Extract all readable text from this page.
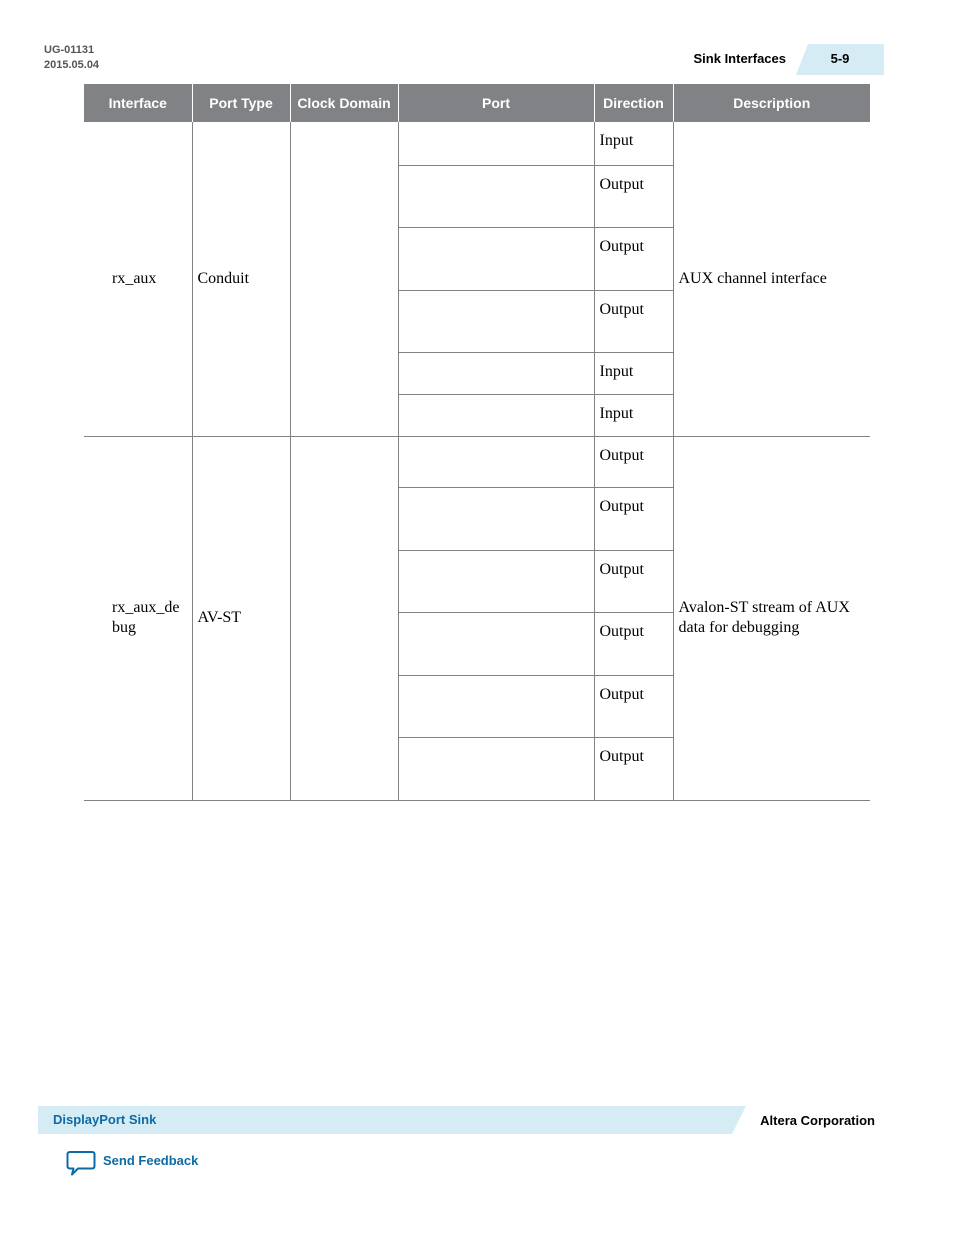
UG-01131
2015.05.04	Sink Interfaces	5-9
Interface	Port Type	Clock Domain	Port	Direction	Description
rx_aux	Conduit			Input	AUX channel interface
				Output	
				Output	
				Output	
				Input	
				Input	
rx_aux_debug	AV-ST			Output	Avalon-ST stream of AUX data for debugging
				Output	
				Output	
				Output	
				Output	
				Output	
DisplayPort Sink	Altera Corporation
Send Feedback
